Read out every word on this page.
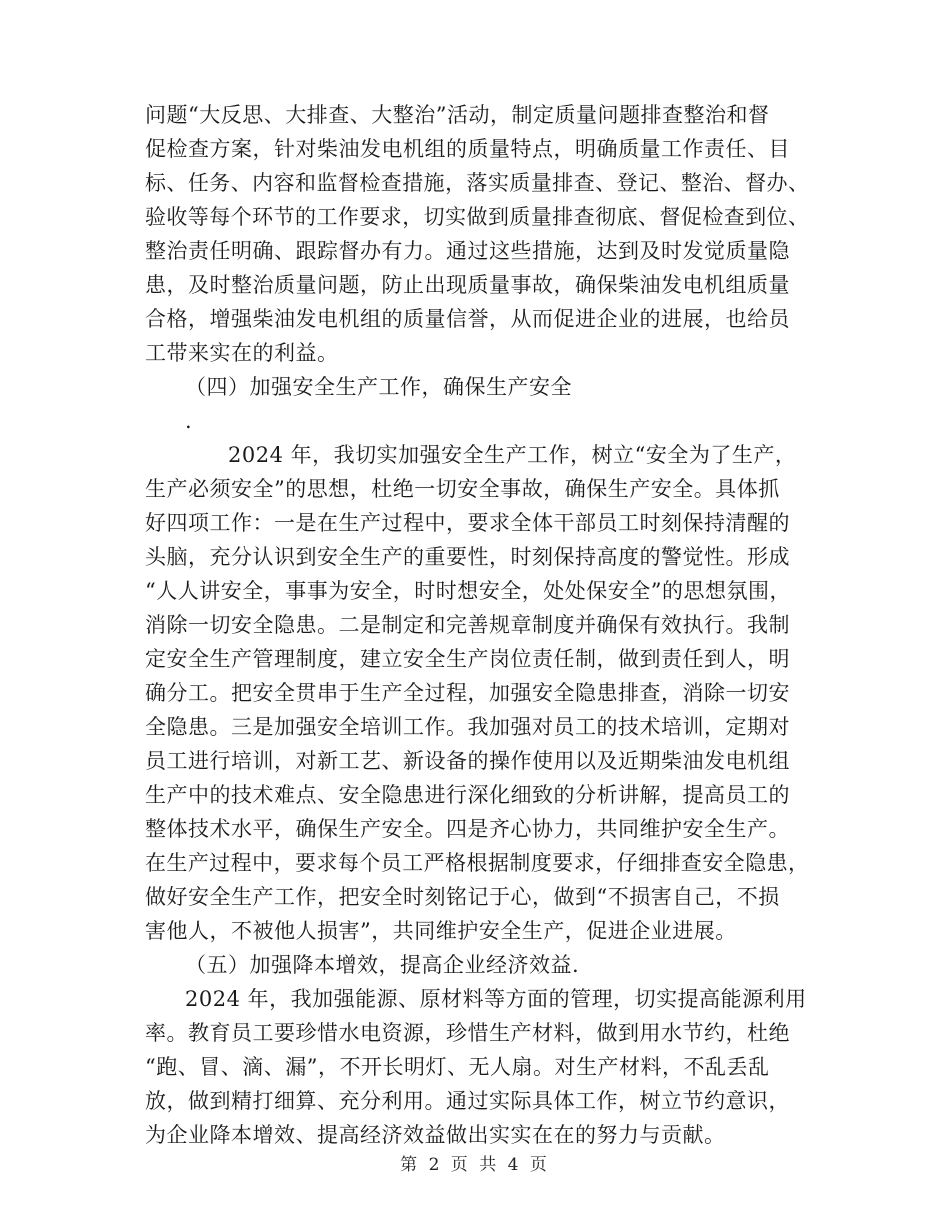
问题“大反思、大排查、大整治”活动，制定质量问题排查整治和督
促检查方案，针对柴油发电机组的质量特点，明确质量工作责任、目
标、任务、内容和监督检查措施，落实质量排查、登记、整治、督办、
验收等每个环节的工作要求，切实做到质量排查彻底、督促检查到位、
整治责任明确、跟踪督办有力。通过这些措施，达到及时发觉质量隐
患，及时整治质量问题，防止出现质量事故，确保柴油发电机组质量
合格，增强柴油发电机组的质量信誉，从而促进企业的进展，也给员
工带来实在的利益。
（四）加强安全生产工作，确保生产安全
.
2024 年，我切实加强安全生产工作，树立“安全为了生产，
生产必须安全”的思想，杜绝一切安全事故，确保生产安全。具体抓
好四项工作：一是在生产过程中，要求全体干部员工时刻保持清醒的
头脑，充分认识到安全生产的重要性，时刻保持高度的警觉性。形成
“人人讲安全，事事为安全，时时想安全，处处保安全”的思想氛围，
消除一切安全隐患。二是制定和完善规章制度并确保有效执行。我制
定安全生产管理制度，建立安全生产岗位责任制，做到责任到人，明
确分工。把安全贯串于生产全过程，加强安全隐患排查，消除一切安
全隐患。三是加强安全培训工作。我加强对员工的技术培训，定期对
员工进行培训，对新工艺、新设备的操作使用以及近期柴油发电机组
生产中的技术难点、安全隐患进行深化细致的分析讲解，提高员工的
整体技术水平，确保生产安全。四是齐心协力，共同维护安全生产。
在生产过程中，要求每个员工严格根据制度要求，仔细排查安全隐患，
做好安全生产工作，把安全时刻铭记于心，做到“不损害自己，不损
害他人，不被他人损害”，共同维护安全生产，促进企业进展。
（五）加强降本增效，提高企业经济效益.
2024 年，我加强能源、原材料等方面的管理，切实提高能源利用
率。教育员工要珍惜水电资源，珍惜生产材料，做到用水节约，杜绝
“跑、冒、滴、漏”，不开长明灯、无人扇。对生产材料，不乱丢乱
放，做到精打细算、充分利用。通过实际具体工作，树立节约意识，
为企业降本增效、提高经济效益做出实实在在的努力与贡献。
第 2 页 共 4 页
